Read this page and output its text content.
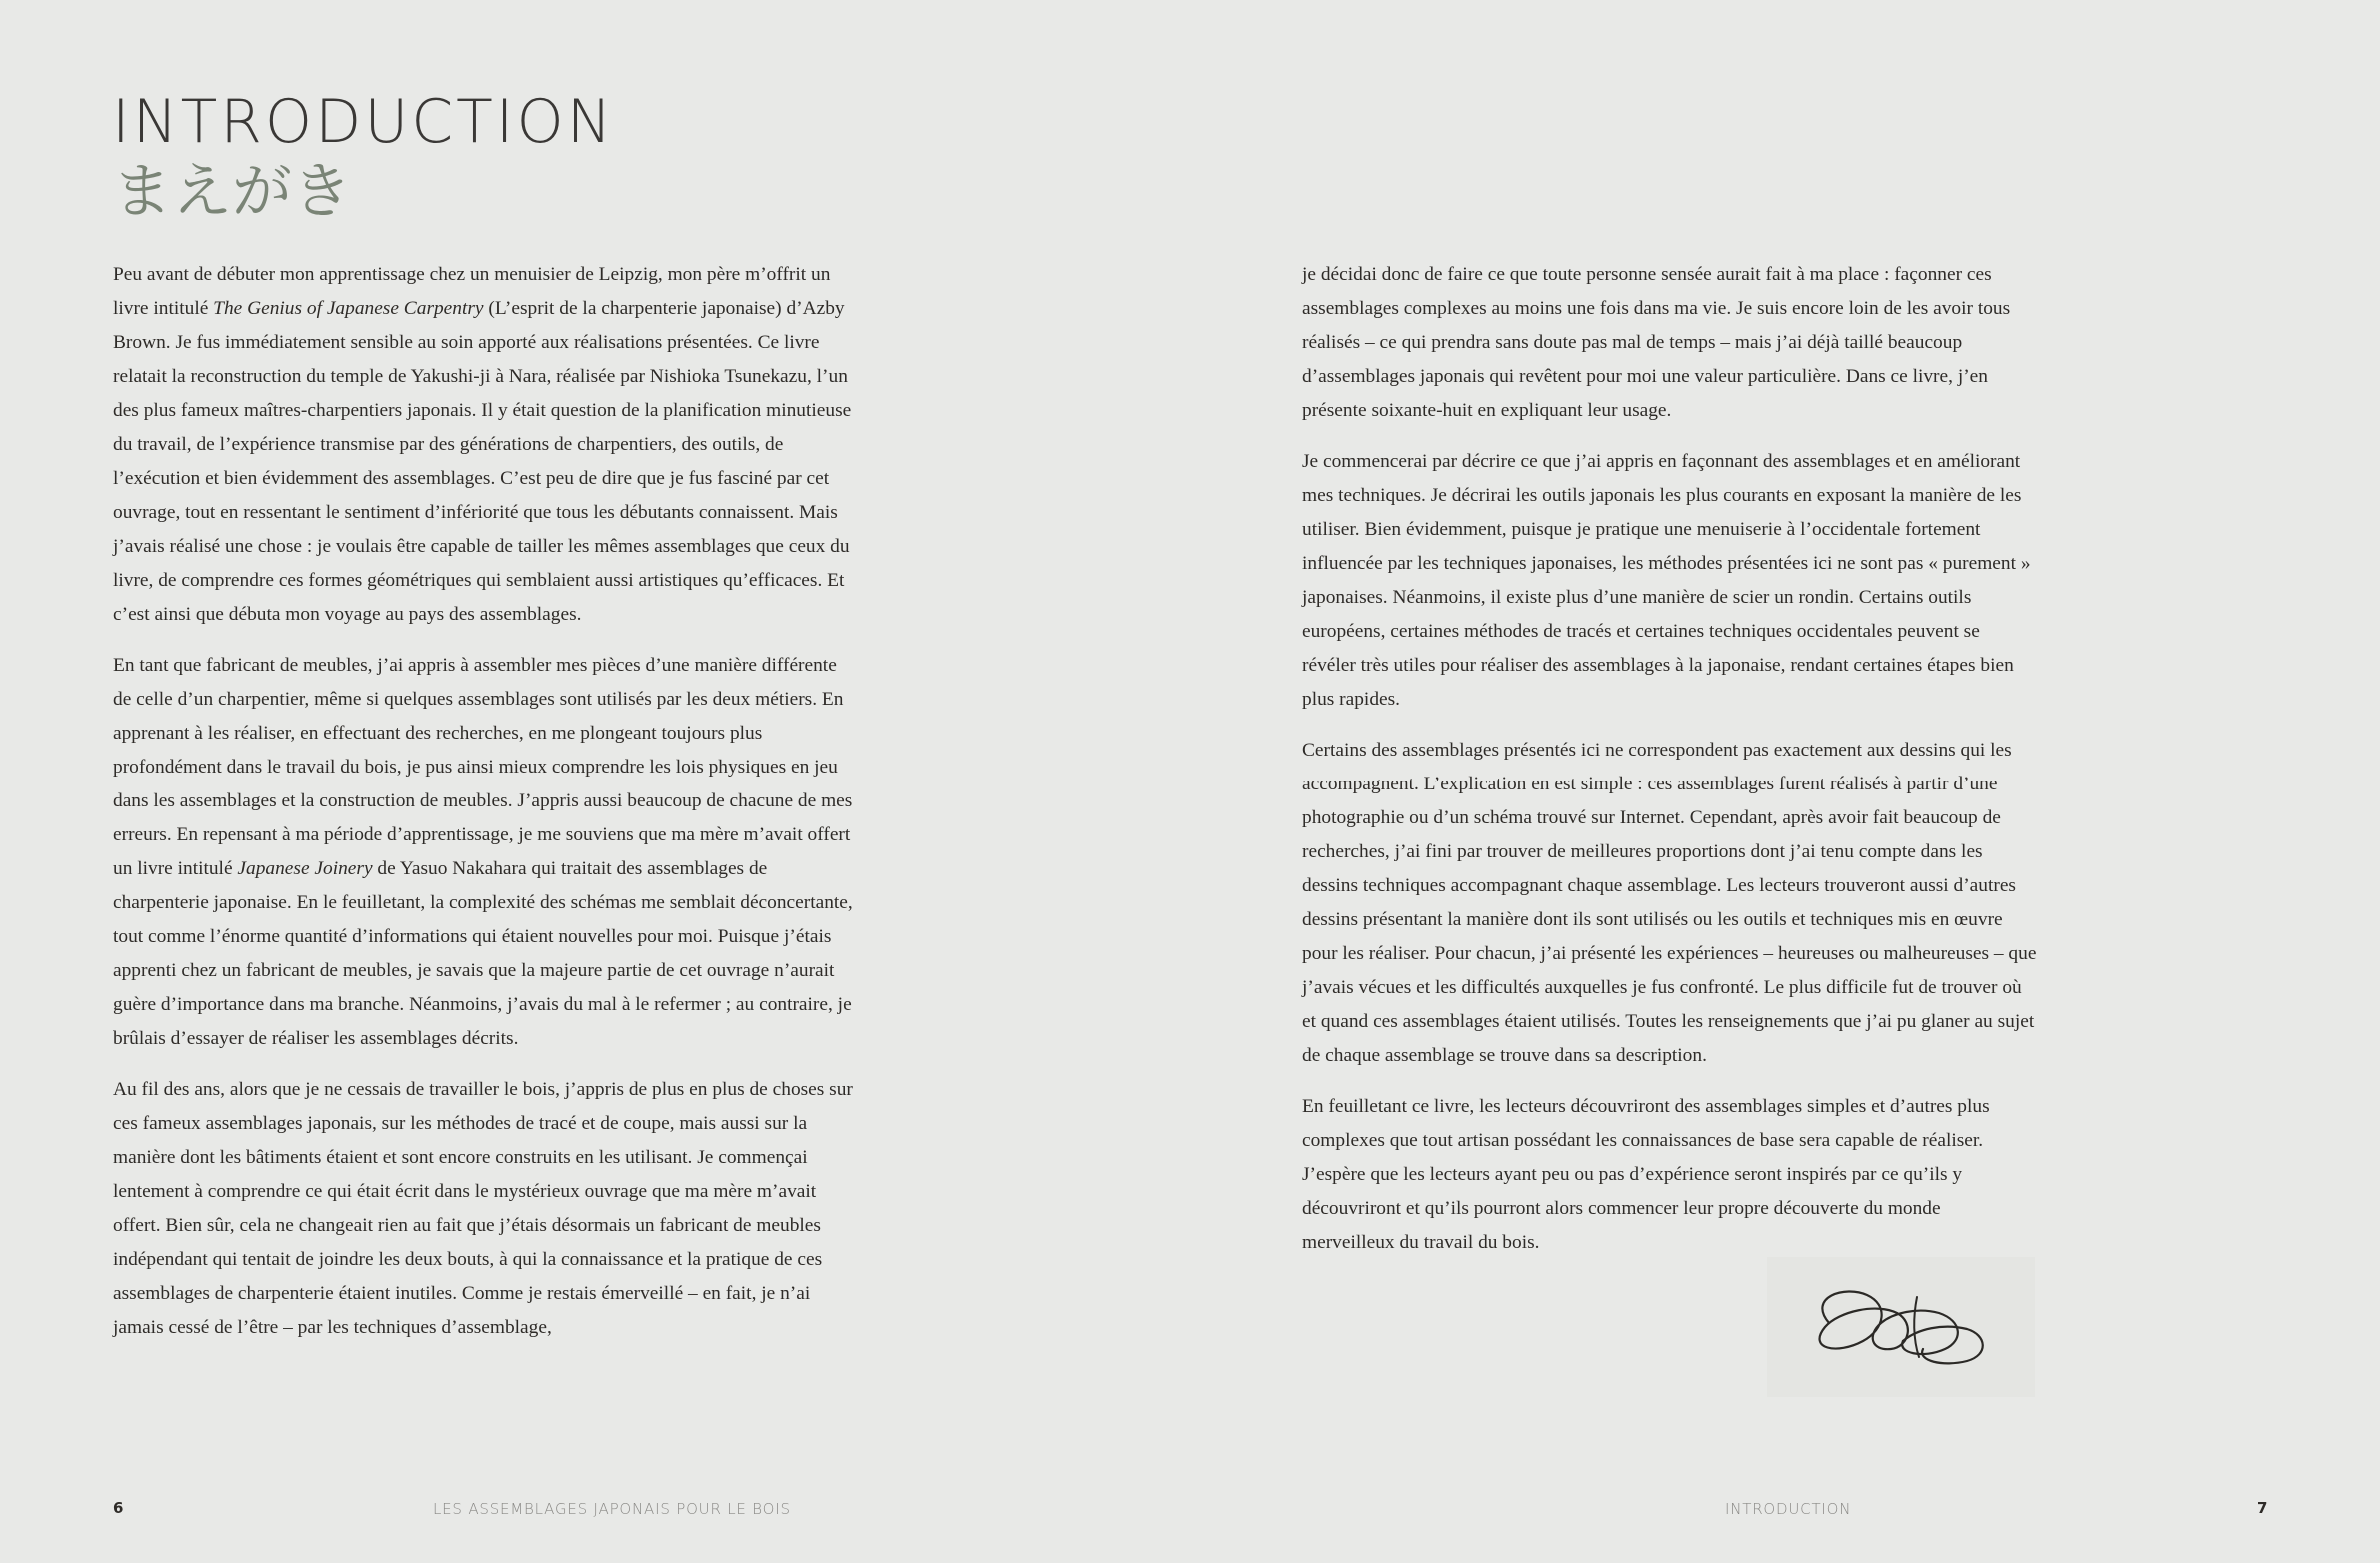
INTRODUCTION
まえがき

Peu avant de débuter mon apprentissage chez un menuisier de Leipzig, mon père m’offrit un livre intitulé The Genius of Japanese Carpentry (L’esprit de la charpenterie japonaise) d’Azby Brown. Je fus immédiatement sensible au soin apporté aux réalisations présentées. Ce livre relatait la reconstruction du temple de Yakushi-ji à Nara, réalisée par Nishioka Tsunekazu, l’un des plus fameux maîtres-charpentiers japonais. Il y était question de la planification minutieuse du travail, de l’expérience transmise par des générations de charpentiers, des outils, de l’exécution et bien évidemment des assemblages. C’est peu de dire que je fus fasciné par cet ouvrage, tout en ressentant le sentiment d’infériorité que tous les débutants connaissent. Mais j’avais réalisé une chose : je voulais être capable de tailler les mêmes assemblages que ceux du livre, de comprendre ces formes géométriques qui semblaient aussi artistiques qu’efficaces. Et c’est ainsi que débuta mon voyage au pays des assemblages.

En tant que fabricant de meubles, j’ai appris à assembler mes pièces d’une manière différente de celle d’un charpentier, même si quelques assemblages sont utilisés par les deux métiers. En apprenant à les réaliser, en effectuant des recherches, en me plongeant toujours plus profondément dans le travail du bois, je pus ainsi mieux comprendre les lois physiques en jeu dans les assemblages et la construction de meubles. J’appris aussi beaucoup de chacune de mes erreurs. En repensant à ma période d’apprentissage, je me souviens que ma mère m’avait offert un livre intitulé Japanese Joinery de Yasuo Nakahara qui traitait des assemblages de charpenterie japonaise. En le feuilletant, la complexité des schémas me semblait déconcertante, tout comme l’énorme quantité d’informations qui étaient nouvelles pour moi. Puisque j’étais apprenti chez un fabricant de meubles, je savais que la majeure partie de cet ouvrage n’aurait guère d’importance dans ma branche. Néanmoins, j’avais du mal à le refermer ; au contraire, je brûlais d’essayer de réaliser les assemblages décrits.

Au fil des ans, alors que je ne cessais de travailler le bois, j’appris de plus en plus de choses sur ces fameux assemblages japonais, sur les méthodes de tracé et de coupe, mais aussi sur la manière dont les bâtiments étaient et sont encore construits en les utilisant. Je commençai lentement à comprendre ce qui était écrit dans le mystérieux ouvrage que ma mère m’avait offert. Bien sûr, cela ne changeait rien au fait que j’étais désormais un fabricant de meubles indépendant qui tentait de joindre les deux bouts, à qui la connaissance et la pratique de ces assemblages de charpenterie étaient inutiles. Comme je restais émerveillé – en fait, je n’ai jamais cessé de l’être – par les techniques d’assemblage,

je décidai donc de faire ce que toute personne sensée aurait fait à ma place : façonner ces assemblages complexes au moins une fois dans ma vie. Je suis encore loin de les avoir tous réalisés – ce qui prendra sans doute pas mal de temps – mais j’ai déjà taillé beaucoup d’assemblages japonais qui revêtent pour moi une valeur particulière. Dans ce livre, j’en présente soixante-huit en expliquant leur usage.

Je commencerai par décrire ce que j’ai appris en façonnant des assemblages et en améliorant mes techniques. Je décrirai les outils japonais les plus courants en exposant la manière de les utiliser. Bien évidemment, puisque je pratique une menuiserie à l’occidentale fortement influencée par les techniques japonaises, les méthodes présentées ici ne sont pas « purement » japonaises. Néanmoins, il existe plus d’une manière de scier un rondin. Certains outils européens, certaines méthodes de tracés et certaines techniques occidentales peuvent se révéler très utiles pour réaliser des assemblages à la japonaise, rendant certaines étapes bien plus rapides.

Certains des assemblages présentés ici ne correspondent pas exactement aux dessins qui les accompagnent. L’explication en est simple : ces assemblages furent réalisés à partir d’une photographie ou d’un schéma trouvé sur Internet. Cependant, après avoir fait beaucoup de recherches, j’ai fini par trouver de meilleures proportions dont j’ai tenu compte dans les dessins techniques accompagnant chaque assemblage. Les lecteurs trouveront aussi d’autres dessins présentant la manière dont ils sont utilisés ou les outils et techniques mis en œuvre pour les réaliser. Pour chacun, j’ai présenté les expériences – heureuses ou malheureuses – que j’avais vécues et les difficultés auxquelles je fus confronté. Le plus difficile fut de trouver où et quand ces assemblages étaient utilisés. Toutes les renseignements que j’ai pu glaner au sujet de chaque assemblage se trouve dans sa description.

En feuilletant ce livre, les lecteurs découvriront des assemblages simples et d’autres plus complexes que tout artisan possédant les connaissances de base sera capable de réaliser. J’espère que les lecteurs ayant peu ou pas d’expérience seront inspirés par ce qu’ils y découvriront et qu’ils pourront alors commencer leur propre découverte du monde merveilleux du travail du bois.

6	LES ASSEMBLAGES JAPONAIS POUR LE BOIS	INTRODUCTION	7
